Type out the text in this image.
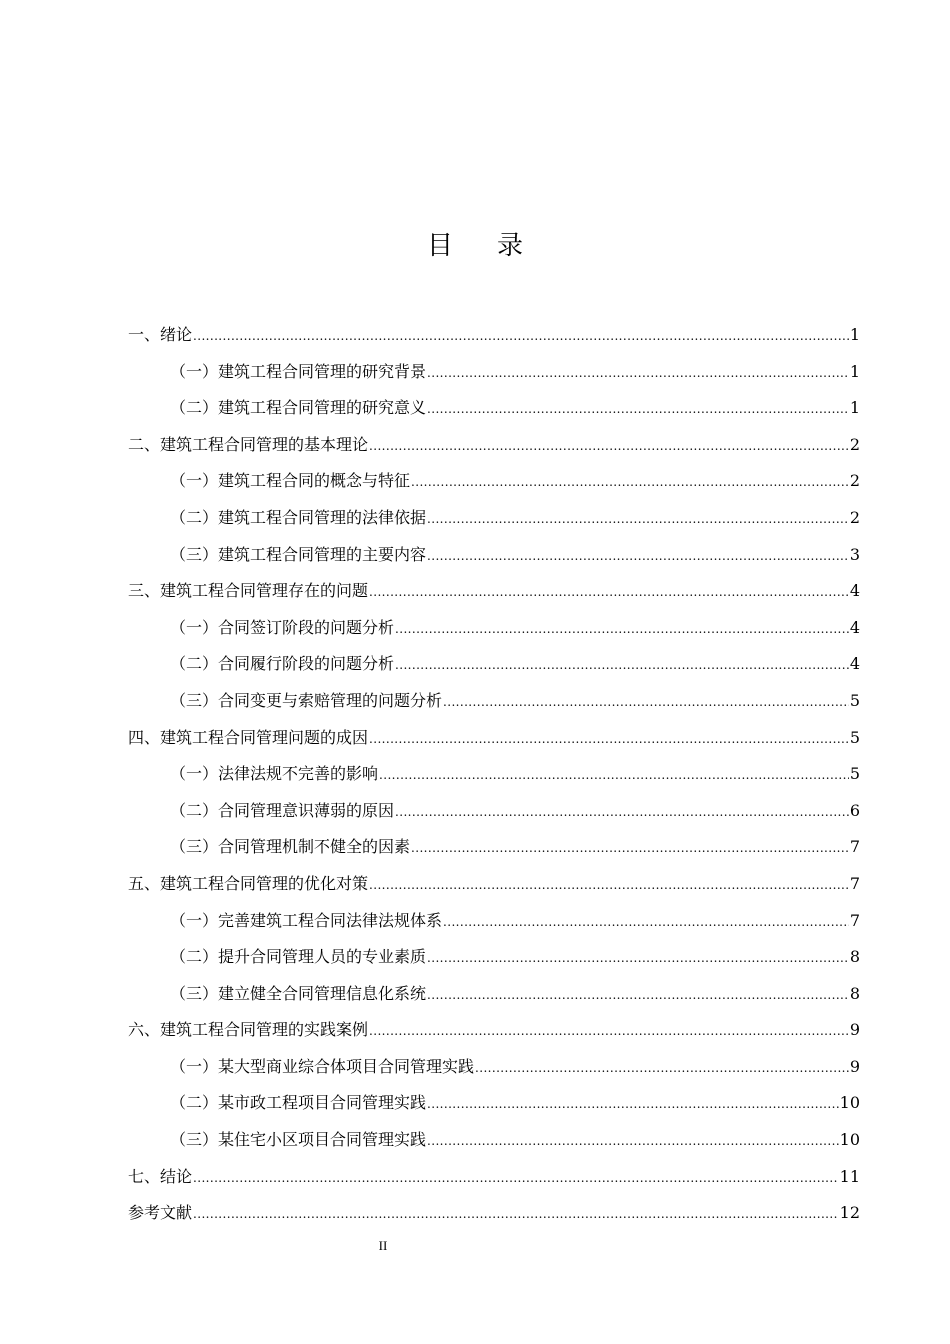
目录
一、绪论 .....	1
（一）建筑工程合同管理的研究背景 .....	1
（二）建筑工程合同管理的研究意义 .....	1
二、建筑工程合同管理的基本理论 .....	2
（一）建筑工程合同的概念与特征 .....	2
（二）建筑工程合同管理的法律依据 .....	2
（三）建筑工程合同管理的主要内容 .....	3
三、建筑工程合同管理存在的问题 .....	4
（一）合同签订阶段的问题分析 .....	4
（二）合同履行阶段的问题分析 .....	4
（三）合同变更与索赔管理的问题分析 .....	5
四、建筑工程合同管理问题的成因 .....	5
（一）法律法规不完善的影响 .....	5
（二）合同管理意识薄弱的原因 .....	6
（三）合同管理机制不健全的因素 .....	7
五、建筑工程合同管理的优化对策 .....	7
（一）完善建筑工程合同法律法规体系 .....	7
（二）提升合同管理人员的专业素质 .....	8
（三）建立健全合同管理信息化系统 .....	8
六、建筑工程合同管理的实践案例 .....	9
（一）某大型商业综合体项目合同管理实践 .....	9
（二）某市政工程项目合同管理实践 .....	10
（三）某住宅小区项目合同管理实践 .....	10
七、结论 .....	11
参考文献 .....	12
II
